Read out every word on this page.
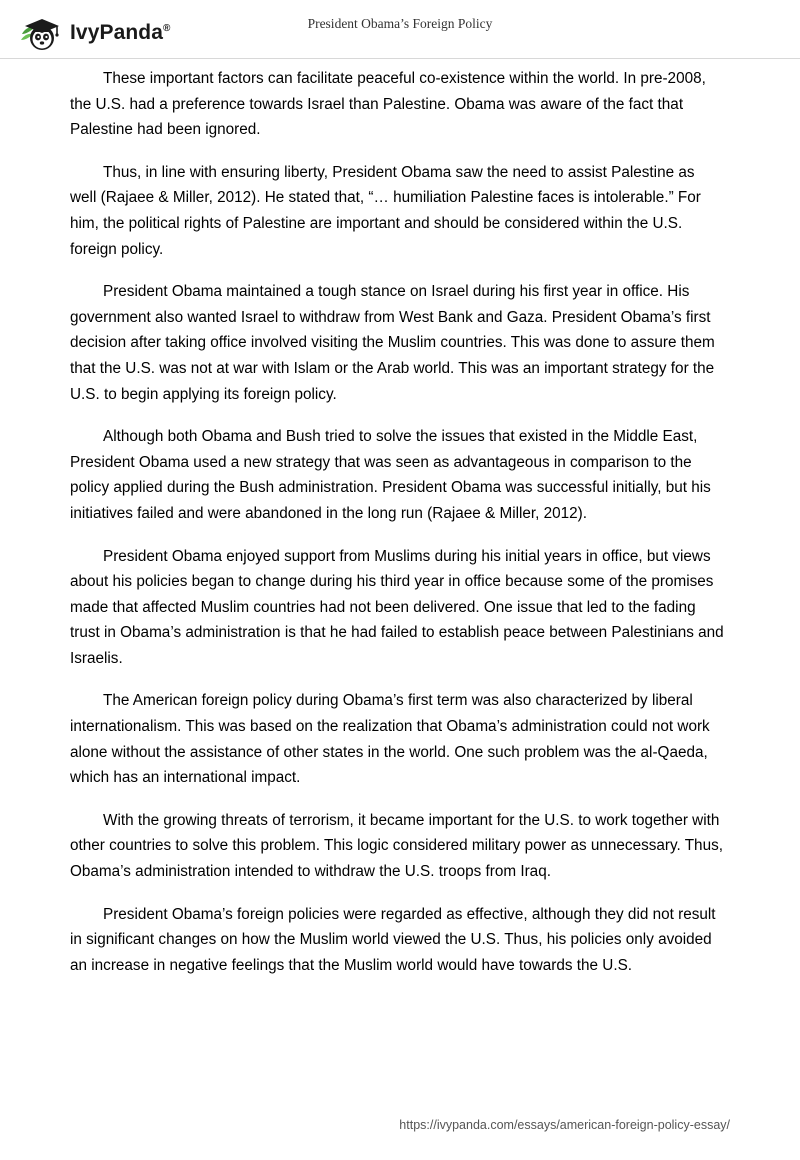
IvyPanda®	President Obama’s Foreign Policy

These important factors can facilitate peaceful co-existence within the world. In pre-2008, the U.S. had a preference towards Israel than Palestine. Obama was aware of the fact that Palestine had been ignored.

Thus, in line with ensuring liberty, President Obama saw the need to assist Palestine as well (Rajaee & Miller, 2012). He stated that, “… humiliation Palestine faces is intolerable.” For him, the political rights of Palestine are important and should be considered within the U.S. foreign policy.

President Obama maintained a tough stance on Israel during his first year in office. His government also wanted Israel to withdraw from West Bank and Gaza. President Obama’s first decision after taking office involved visiting the Muslim countries. This was done to assure them that the U.S. was not at war with Islam or the Arab world. This was an important strategy for the U.S. to begin applying its foreign policy.

Although both Obama and Bush tried to solve the issues that existed in the Middle East, President Obama used a new strategy that was seen as advantageous in comparison to the policy applied during the Bush administration. President Obama was successful initially, but his initiatives failed and were abandoned in the long run (Rajaee & Miller, 2012).

President Obama enjoyed support from Muslims during his initial years in office, but views about his policies began to change during his third year in office because some of the promises made that affected Muslim countries had not been delivered. One issue that led to the fading trust in Obama’s administration is that he had failed to establish peace between Palestinians and Israelis.

The American foreign policy during Obama’s first term was also characterized by liberal internationalism. This was based on the realization that Obama’s administration could not work alone without the assistance of other states in the world. One such problem was the al-Qaeda, which has an international impact.

With the growing threats of terrorism, it became important for the U.S. to work together with other countries to solve this problem. This logic considered military power as unnecessary. Thus, Obama’s administration intended to withdraw the U.S. troops from Iraq.

President Obama’s foreign policies were regarded as effective, although they did not result in significant changes on how the Muslim world viewed the U.S. Thus, his policies only avoided an increase in negative feelings that the Muslim world would have towards the U.S.

https://ivypanda.com/essays/american-foreign-policy-essay/
